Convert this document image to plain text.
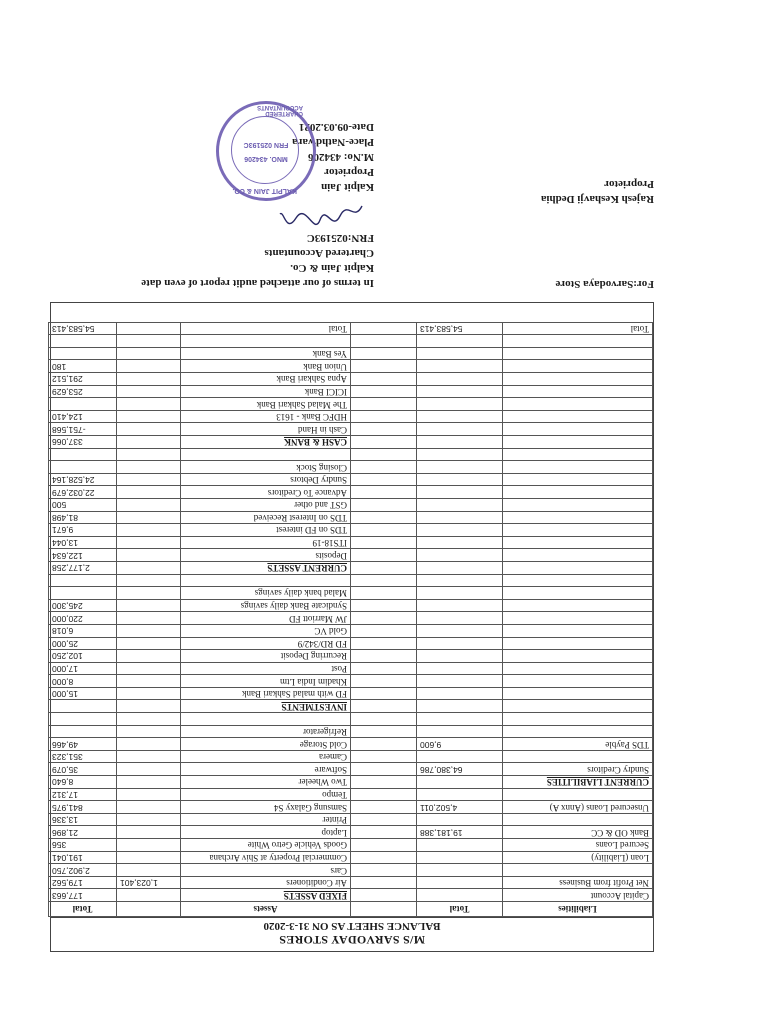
M/S SARVODAY STORES
BALANCE SHEET AS ON 31-3-2020
Liabilities	Total		Assets		Total
Capital Account			FIXED ASSETS		177,663
Net Profit from Business			Air Conditioners	1,023,401	179,562
			Cars		2,902,750
Loan (Liability)			Commercial Property at Shiv Archana		191,041
Secured Loans			Goods Vehicle Getro White		356
Bank OD & CC	19,181,388		Laptop		21,896
			Printer		13,336
Unsecured Loans (Annx A)	4,502,011		Samsung Galaxy S4		841,975
			Tempo		17,312
CURRENT LIABILITIES			Two Wheeler		8,640
Sundry Creditors	64,380,786		Software		35,079
			Camera		351,323
TDS Payble	9,600		Cold Storage		49,466
			Refrigerator		

			INVESTMENTS		
			FD with malad Sahkari Bank		15,000
			Khadim India Ltm		8,000
			Post		17,000
			Recurring Deposit		102,250
			FD RD/342/9		25,000
			Gold VC		6,018
			JW Marriott FD		220,000
			Syndicate Bank daily savings		245,300
			Malad bank daily savings		

			CURRENT ASSETS		2,177,258
			Deposits		122,634
			ITS18-19		13,044
			TDS on FD interest		9,671
			TDS on Interest Received		81,498
			GST and other		500
			Advance To Creditors		22,032,679
			Sundry Debtors		24,528,164
			Closing Stock		

			CASH & BANK		337,066
			Cash in Hand		-751,568
			HDFC Bank - 1613		124,410
			The Malad Sahkari Bank		
			ICICI Bank		253,629
			Apna Sahkari Bank		291,512
			Union Bank		180
			Yes Bank		

Total	54,583,413		Total		54,583,413
For:Sarvodaya Store
In terms of our attached audit report of even date
Kalpit Jain & Co.
Chartered Accountants
FRN:025193C
Kalpit Jain
Proprietor
M.No: 434206
Place-Nathdwara
Date-09.03.2021
Rajesh Keshavji Dedhia
Proprietor
KALPIT JAIN & CO.
MNO. 434206
FRN 025193C
CHARTERED ACCOUNTANTS
